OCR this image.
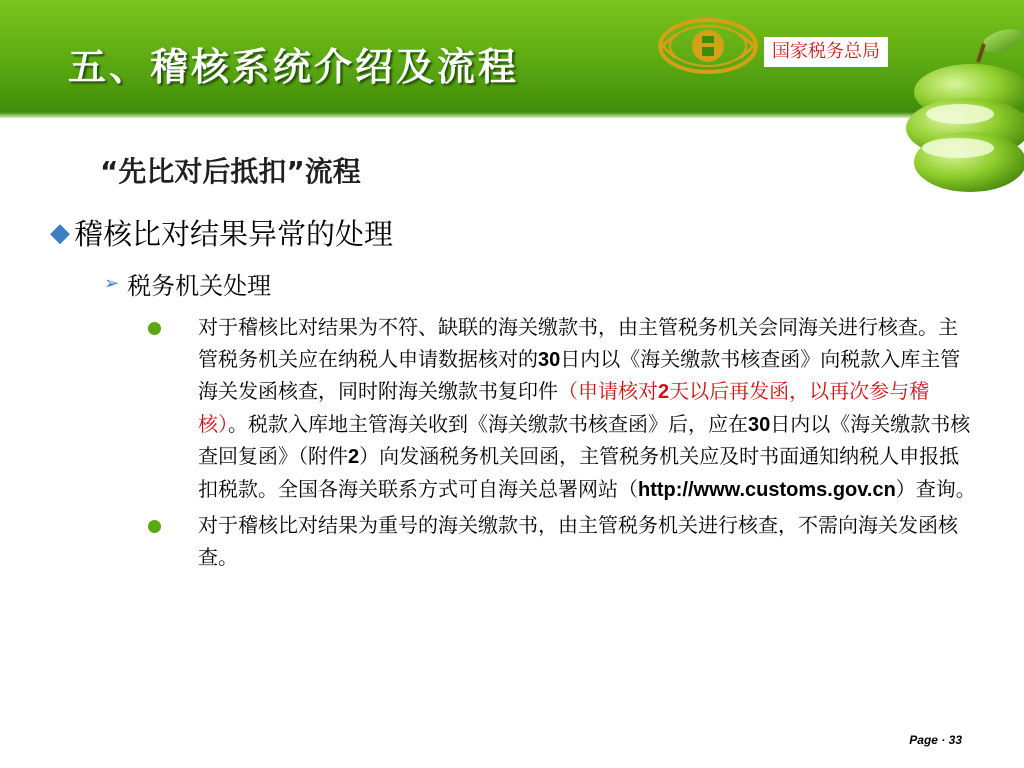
五、稽核系统介绍及流程	国家税务总局
“先比对后抵扣”流程
◆ 稽核比对结果异常的处理
➢ 税务机关处理
对于稽核比对结果为不符、缺联的海关缴款书，由主管税务机关会同海关进行核查。主管税务机关应在纳税人申请数据核对的30日内以《海关缴款书核查函》向税款入库主管海关发函核查，同时附海关缴款书复印件（申请核对2天以后再发函，以再次参与稽核）。税款入库地主管海关收到《海关缴款书核查函》后，应在30日内以《海关缴款书核查回复函》（附件2）向发涵税务机关回函，主管税务机关应及时书面通知纳税人申报抵扣税款。全国各海关联系方式可自海关总署网站（http://www.customs.gov.cn）查询。
对于稽核比对结果为重号的海关缴款书，由主管税务机关进行核查，不需向海关发函核查。
Page · 33
